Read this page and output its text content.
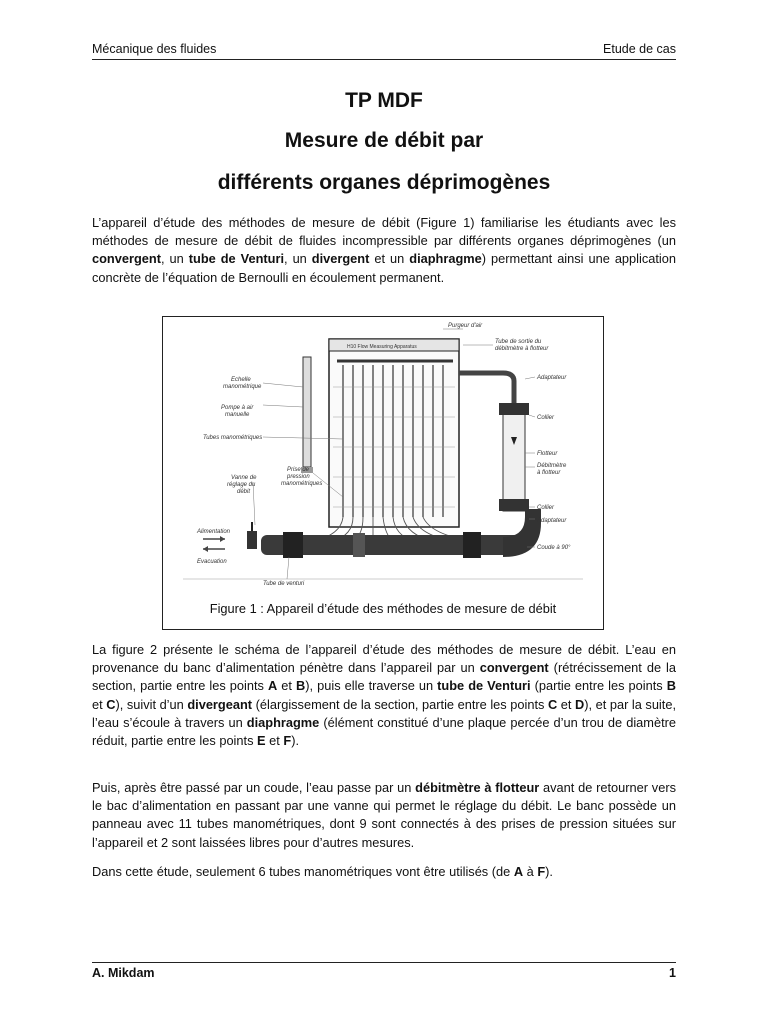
Mécanique des fluides	Etude de cas
TP MDF
Mesure de débit par
différents organes déprimogènes

L’appareil d’étude des méthodes de mesure de débit (Figure 1) familiarise les étudiants avec les méthodes de mesure de débit de fluides incompressible par différents organes déprimogènes (un convergent, un tube de Venturi, un divergent et un diaphragme) permettant ainsi une application concrète de l’équation de Bernoulli en écoulement permanent.

H10 Flow Measuring Apparatus
Purgeur d'air
Tube de sortie du
débitmètre à flotteur
Adaptateur
Echelle
manométrique
Pompe à air
manuelle	Collier
Tubes manométriques
Flotteur
Débitmètre
à flotteur
Prise de
pression
manométriques
Vanne de
réglage du
débit
Collier
Adaptateur
Alimentation
Coude à 90°
Evacuation
Tube de venturi
Figure 1 : Appareil d’étude des méthodes de mesure de débit

La figure 2 présente le schéma de l’appareil d’étude des méthodes de mesure de débit. L’eau en provenance du banc d’alimentation pénètre dans l’appareil par un convergent (rétrécissement de la section, partie entre les points A et B), puis elle traverse un tube de Venturi (partie entre les points B et C), suivit d’un divergeant (élargissement de la section, partie entre les points C et D), et par la suite, l’eau s’écoule à travers un diaphragme (élément constitué d’une plaque percée d’un trou de diamètre réduit, partie entre les points E et F).

Puis, après être passé par un coude, l’eau passe par un débitmètre à flotteur avant de retourner vers le bac d’alimentation en passant par une vanne qui permet le réglage du débit. Le banc possède un panneau avec 11 tubes manométriques, dont 9 sont connectés à des prises de pression situées sur l’appareil et 2 sont laissées libres pour d’autres mesures.

Dans cette étude, seulement 6 tubes manométriques vont être utilisés (de A à F).

A. Mikdam	1
